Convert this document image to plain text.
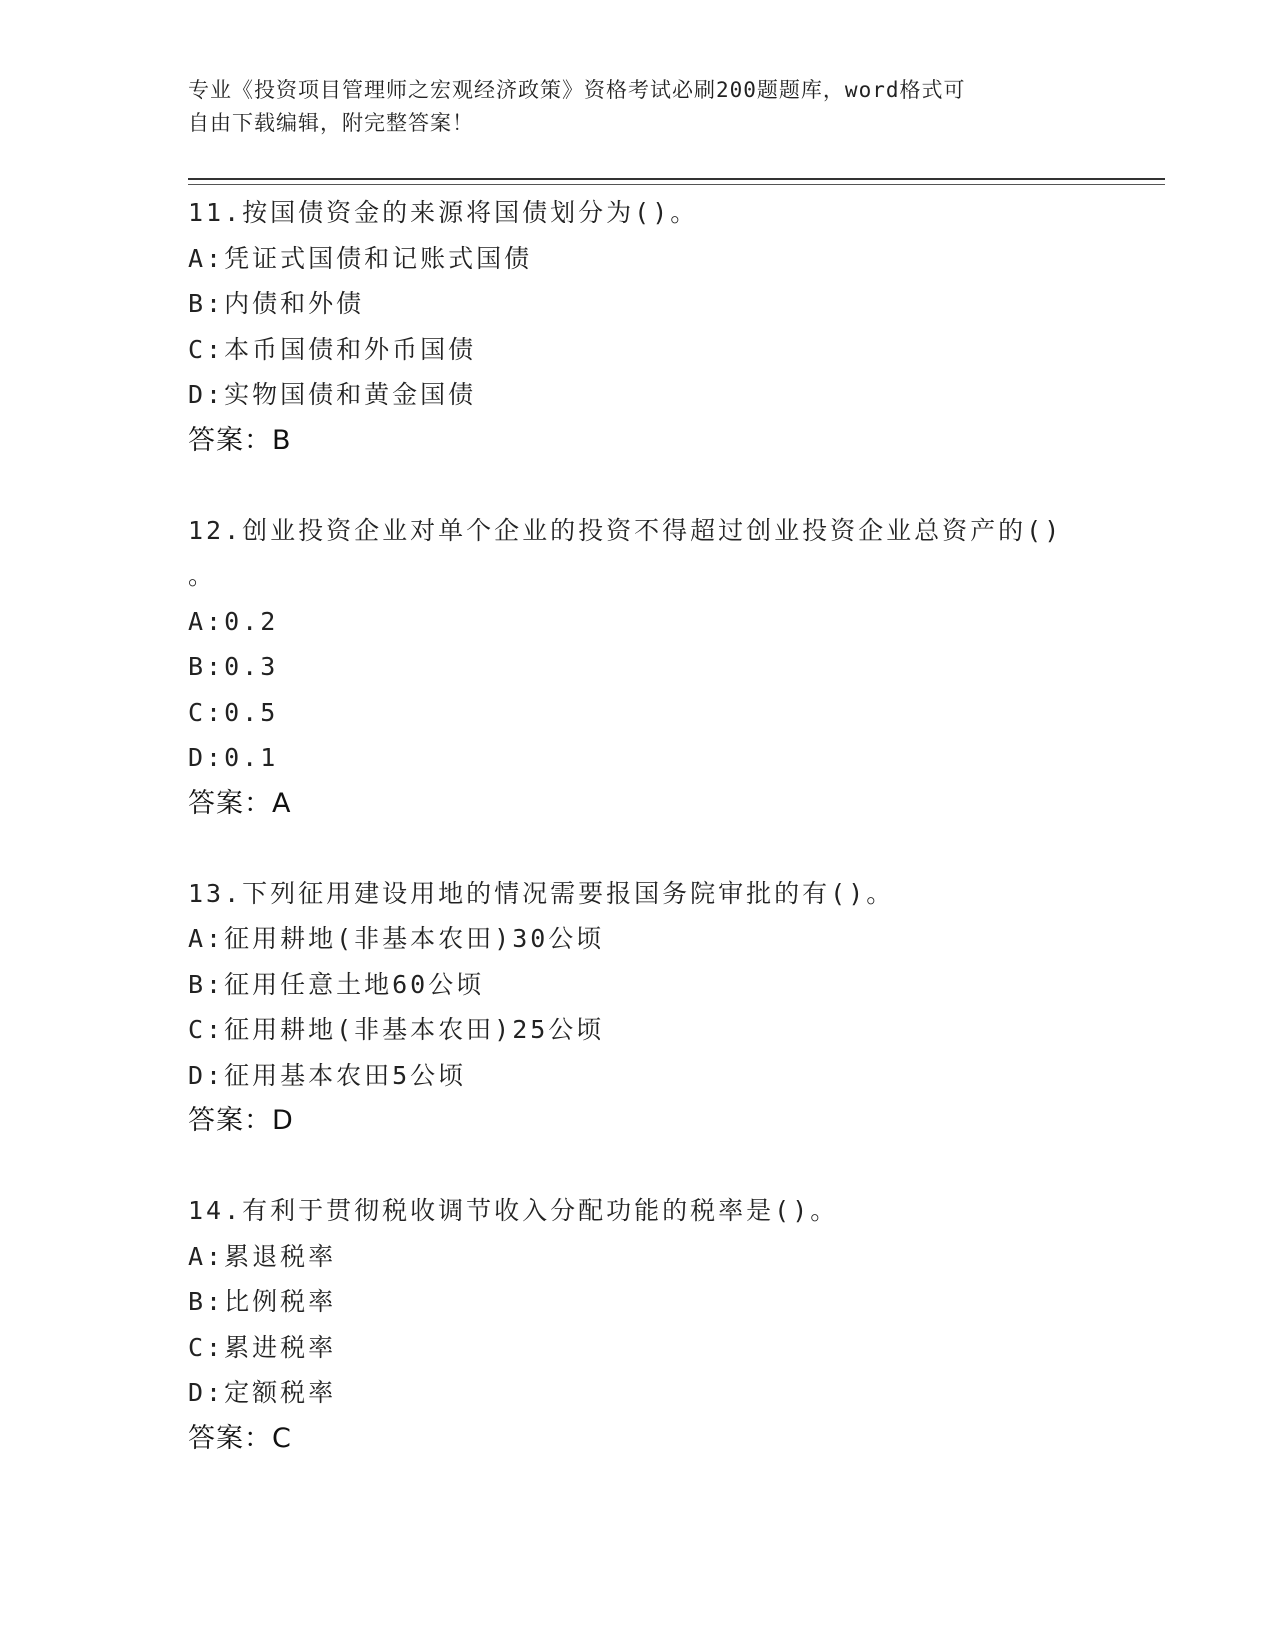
专业《投资项目管理师之宏观经济政策》资格考试必刷200题题库，word格式可
自由下载编辑，附完整答案！
11.按国债资金的来源将国债划分为()。
A:凭证式国债和记账式国债
B:内债和外债
C:本币国债和外币国债
D:实物国债和黄金国债
答案：B
12.创业投资企业对单个企业的投资不得超过创业投资企业总资产的()
。
A:0.2
B:0.3
C:0.5
D:0.1
答案：A
13.下列征用建设用地的情况需要报国务院审批的有()。
A:征用耕地(非基本农田)30公顷
B:征用任意土地60公顷
C:征用耕地(非基本农田)25公顷
D:征用基本农田5公顷
答案：D
14.有利于贯彻税收调节收入分配功能的税率是()。
A:累退税率
B:比例税率
C:累进税率
D:定额税率
答案：C
